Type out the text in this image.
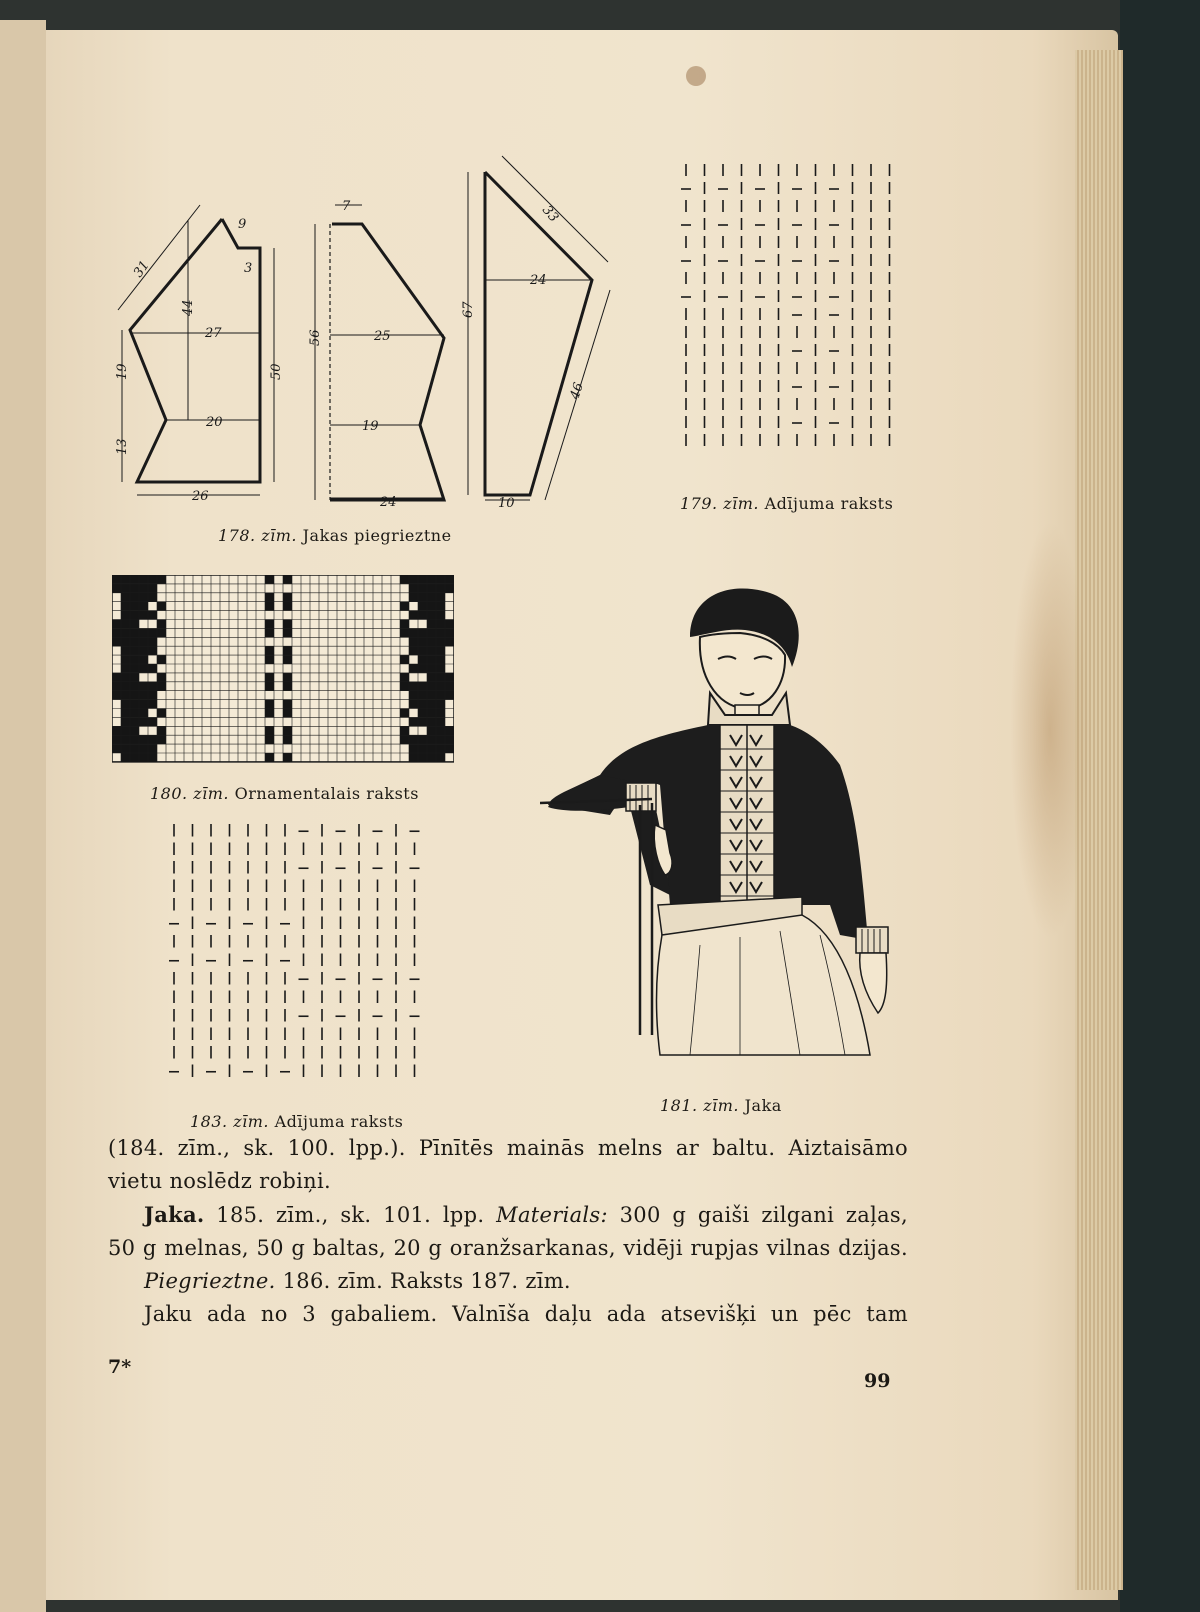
9
31	3
44
27
19	50
20
13
26
7
56	25
19
24
33
67
24
46
10
178. zīm. Jakas piegrieztne
179. zīm. Adījuma raksts
180. zīm. Ornamentalais raksts
183. zīm. Adījuma raksts
181. zīm. Jaka

(184. zīm., sk. 100. lpp.). Pīnītēs mainās melns ar baltu. Aiztaisāmo

vietu noslēdz robiņi.

Jaka. 185. zīm., sk. 101. lpp. Materials: 300 g gaiši zilgani zaļas,

50 g melnas, 50 g baltas, 20 g oranžsarkanas, vidēji rupjas vilnas dzijas.

Piegrieztne. 186. zīm. Raksts 187. zīm.

Jaku ada no 3 gabaliem. Valnīša daļu ada atsevišķi un pēc tam

7*
99
